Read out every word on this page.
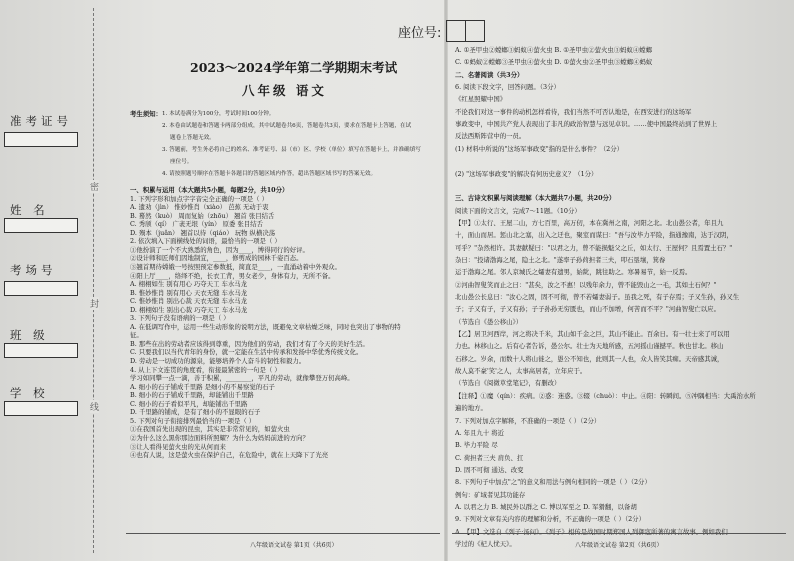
准考证号
姓 名
考场号
班 级
学 校
密
封
线
座位号:
2023～2024学年第二学期期末考试
八年级 语文
考生须知： 1. 本试卷满分为100分，考试时间100分钟。
2. 本卷由试题卷和答题卡两部分组成，其中试题卷共6页，答题卷共3页，要求在答题卡上答题，在试
题卷上答题无效。
3. 答题前，考生务必将自己的姓名、准考证号、县（市）区、学校（单位）填写在答题卡上，并准确填写
座位号。
4. 请按照题号顺序在答题卡各题目的答题区域内作答，超出答题区域书写的答案无效。
一、积累与运用（本大题共5小题，每题2分，共10分）
1. 下列字形和加点字字音完全正确的一项是（ ）
A. 遗劝（jìn） 惟妙惟肖（xiào） 芭蕉 无动于衷
B. 蓦然（kuò） 周而复始（zhōu） 翘首 张目结舌
C. 秀颀（qí） 广袤无垠（yín） 原委 张目结舌
D. 殒本（juǎn） 翘首以待（qiáo） 玩物 纵横决荡
2. 依次填入下面横线处的词语，最恰当的一项是（ ）
①他扮演了一个不大熟悉的角色，因为____，博得同行的好评。
②设计师和匠师们因地制宜，____，修剪成的园林千姿百态。
③翘首期待嫦娥一号按照预定参数抵，简直是____，一直涌动着中外观众。
④阳上厅____，络绎不绝，长衣工背，男女老少，身体有力，无所不备。
A. 栩栩如生 别有用心 巧夺天工 车水马龙
B. 惟妙惟肖 别有用心 天衣无缝 车水马龙
C. 惟妙惟肖 别出心裁 天衣无缝 车水马龙
D. 栩栩如生 别出心裁 巧夺天工 车水马龙
3. 下列句子没有语病的一项是（ ）
A. 在低调写作中，运用一些生动形象的说明方法，既避免文章枯燥乏味，同时也突出了事物的特
征。
B. 那些在出的劳动者应该得到尊重，因为他们的劳动，我们才有了今天的美好生活。
C. 只要我们以当代青年的身份，就一定能在生活中传承和发扬中华优秀传统文化。
D. 劳动是一切成功的源泉，能够培养个人奋斗的韧性和毅力。
4. 从上下文连贯的角度看，衔接最紧密的一句是（ ）
学习如同攀一点一滴，善于积累，________，平凡的劳动，就像攀登万仞高峰。
A. 细小的石子铺成千里路 是细小的不易察觉的石子
B. 细小的石子铺成千里路，却能铺出千里路
C. 细小的石子看似平凡，却能铺出千里路
D. 千里路的铺成，是有了细小的不显眼的石子
5. 下列对句子衔接排列最恰当的一项是（ ）
①在我国首先出现的昆虫，其实是非常常见的，如萤火虫
②为什么这么黑你那边面料所照耀？为什么为妈妈前进的方向？
③让人看得见萤火虫的光从何而来
④也有人说，这是萤火虫在保护自己，在危险中，就在上天降下了光亮
八年级语文试卷 第1页（共6页）
A. ①圣甲虫②螳螂③蚂蚁④萤火虫 B. ①圣甲虫②萤火虫③蚂蚁④螳螂
C. ①蚂蚁②螳螂③圣甲虫④萤火虫 D. ①萤火虫②圣甲虫③螳螂④蚂蚁
二、名著阅读（共3分）
6. 阅读下段文字，回答问题。（3分）
《红星照耀中国》
不论我们对这一事件的动机怎样看待，我们当然不可否认地是，在西安进行的这场军
事政变中，中国共产党人表现出了非凡的政治智慧与远见卓识。……使中国最终站到了世界上
反法西斯阵营中的一员。
(1) 材料中所说的"这场军事政变"指的是什么事件？（2分）
(2) "这场军事政变"的解决有何历史意义？（1分）
三、古诗文积累与阅读理解（本大题共7小题，共20分）
阅读下面的文言文，完成7～11题。（10分）
【甲】①太行、王屋二山，方七百里，高万仞，本在冀州之南，河阳之北。北山愚公者，年且九
十，面山而居。惩山北之塞，出入之迂也，聚室而谋曰："吾与汝毕力平险，指通豫南，达于汉阴，
可乎？"杂然相许。其妻献疑曰："以君之力，曾不能损魁父之丘，如太行、王屋何？且焉置土石？"
杂曰："投诸渤海之尾，隐土之北。"遂率子孙荷担者三夫，叩石垦壤，箕畚
运于渤海之尾。邻人京城氏之孀妻有遗男，始龀，跳往助之。寒暑易节，始一反焉。
②河曲智叟笑而止之曰："甚矣，汝之不惠！以残年余力，曾不能毁山之一毛，其如土石何？"
北山愚公长息曰："汝心之固，固不可彻，曾不若孀妻弱子。虽我之死，有子存焉；子又生孙，孙又生
子；子又有子，子又有孙；子子孙孙无穷匮也，而山不加增，何苦而不平？"河曲智叟亡以应。
（节选自《愚公移山》）
【乙】居卫河西岸，河之将决千米，其山如千金之巨，其山不能止。百余日。有一壮士来了可以用
力也。林移山之。后有心者告诉，愚公尔。壮士为天地所感，五河摇山谨撼平。秋也甘北。移山
石移之。岁余，而数十人将山徙之，愚公不知也，此则其一人也，众人皆笑其痴。天帝感其诚，
故人莫不豪'笑'之人，太事高居者，立年应于。
（节选自《阅微草堂笔记》，有删改）
【注释】①魔（qín）：疾病。②惑：迷惑。③辍（chuò）：中止。④阳：转瞬间。⑤冲隅相当：大禹治水所
遍的地方。
7. 下列对加点字解释，不准确的一项是（ ）（2分）
A. 年且九十 将近
B. 毕力平险 尽
C. 荷担者三夫 肩负、扛
D. 固不可彻 通达、改变
8. 下列句子中加点"之"的意义和用法与例句相同的一项是（ ）（2分）
例句：矿域者见其功能存
A. 以君之力 B. 城民外以群之 C. 博以军至之 D. 军猾翻，以备胡
9. 下列对文章有关内容的理解和分析，不正确的一项是（ ）（2分）
A. 【甲】文选自《列子·汤问》。《列子》相传是战国时期郑国人列御寇所著的寓言故事。例如我们
学过的《杞人忧天》。	八年级语文试卷 第2页（共6页）
